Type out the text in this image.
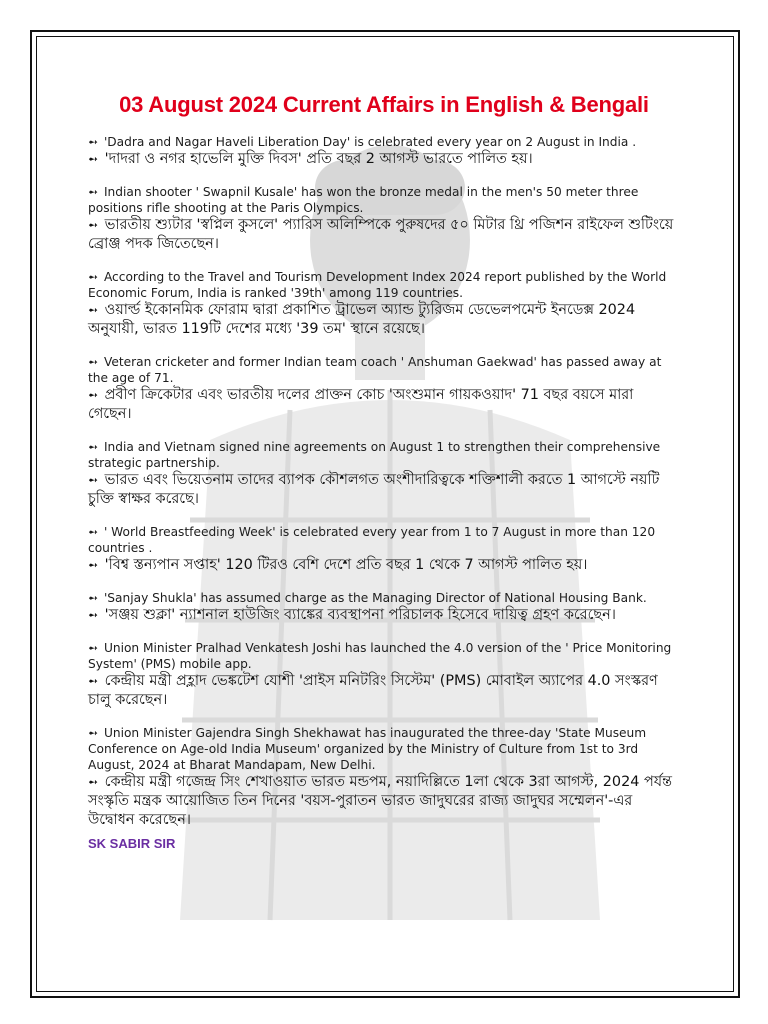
03 August 2024 Current Affairs in English & Bengali
➻ 'Dadra and Nagar Haveli Liberation Day' is celebrated every year on 2 August in India .
➻ 'দাদরা ও নগর হাভেলি মুক্তি দিবস' প্রতি বছর 2 আগস্ট ভারতে পালিত হয়।
➻ Indian shooter ' Swapnil Kusale' has won the bronze medal in the men's 50 meter three positions rifle shooting at the Paris Olympics.
➻ ভারতীয় শ্যুটার 'স্বপ্নিল কুসলে' প্যারিস অলিম্পিকে পুরুষদের ৫০ মিটার থ্রি পজিশন রাইফেল শুটিংয়ে ব্রোঞ্জ পদক জিতেছেন।
➻ According to the Travel and Tourism Development Index 2024 report published by the World Economic Forum, India is ranked '39th' among 119 countries.
➻ ওয়ার্ল্ড ইকোনমিক ফোরাম দ্বারা প্রকাশিত ট্রাভেল অ্যান্ড ট্যুরিজম ডেভেলপমেন্ট ইনডেক্স 2024 অনুযায়ী, ভারত 119টি দেশের মধ্যে '39 তম' স্থানে রয়েছে।
➻ Veteran cricketer and former Indian team coach ' Anshuman Gaekwad' has passed away at the age of 71.
➻ প্রবীণ ক্রিকেটার এবং ভারতীয় দলের প্রাক্তন কোচ 'অংশুমান গায়কওয়াদ' 71 বছর বয়সে মারা গেছেন।
➻ India and Vietnam signed nine agreements on August 1 to strengthen their comprehensive strategic partnership.
➻ ভারত এবং ভিয়েতনাম তাদের ব্যাপক কৌশলগত অংশীদারিত্বকে শক্তিশালী করতে 1 আগস্টে নয়টি চুক্তি স্বাক্ষর করেছে।
➻ ' World Breastfeeding Week' is celebrated every year from 1 to 7 August in more than 120 countries .
➻ 'বিশ্ব স্তন্যপান সপ্তাহ' 120 টিরও বেশি দেশে প্রতি বছর 1 থেকে 7 আগস্ট পালিত হয়।
➻ 'Sanjay Shukla' has assumed charge as the Managing Director of National Housing Bank.
➻ 'সঞ্জয় শুক্লা' ন্যাশনাল হাউজিং ব্যাঙ্কের ব্যবস্থাপনা পরিচালক হিসেবে দায়িত্ব গ্রহণ করেছেন।
➻ Union Minister Pralhad Venkatesh Joshi has launched the 4.0 version of the ' Price Monitoring System' (PMS) mobile app.
➻ কেন্দ্রীয় মন্ত্রী প্রহ্লাদ ভেঙ্কটেশ যোশী 'প্রাইস মনিটরিং সিস্টেম' (PMS) মোবাইল অ্যাপের 4.0 সংস্করণ চালু করেছেন।
➻ Union Minister Gajendra Singh Shekhawat has inaugurated the three-day 'State Museum Conference on Age-old India Museum' organized by the Ministry of Culture from 1st to 3rd August, 2024 at Bharat Mandapam, New Delhi.
➻ কেন্দ্রীয় মন্ত্রী গজেন্দ্র সিং শেখাওয়াত ভারত মন্ডপম, নয়াদিল্লিতে 1লা থেকে 3রা আগস্ট, 2024 পর্যন্ত সংস্কৃতি মন্ত্রক আয়োজিত তিন দিনের 'বয়স-পুরাতন ভারত জাদুঘরের রাজ্য জাদুঘর সম্মেলন'-এর উদ্বোধন করেছেন।
SK SABIR SIR
